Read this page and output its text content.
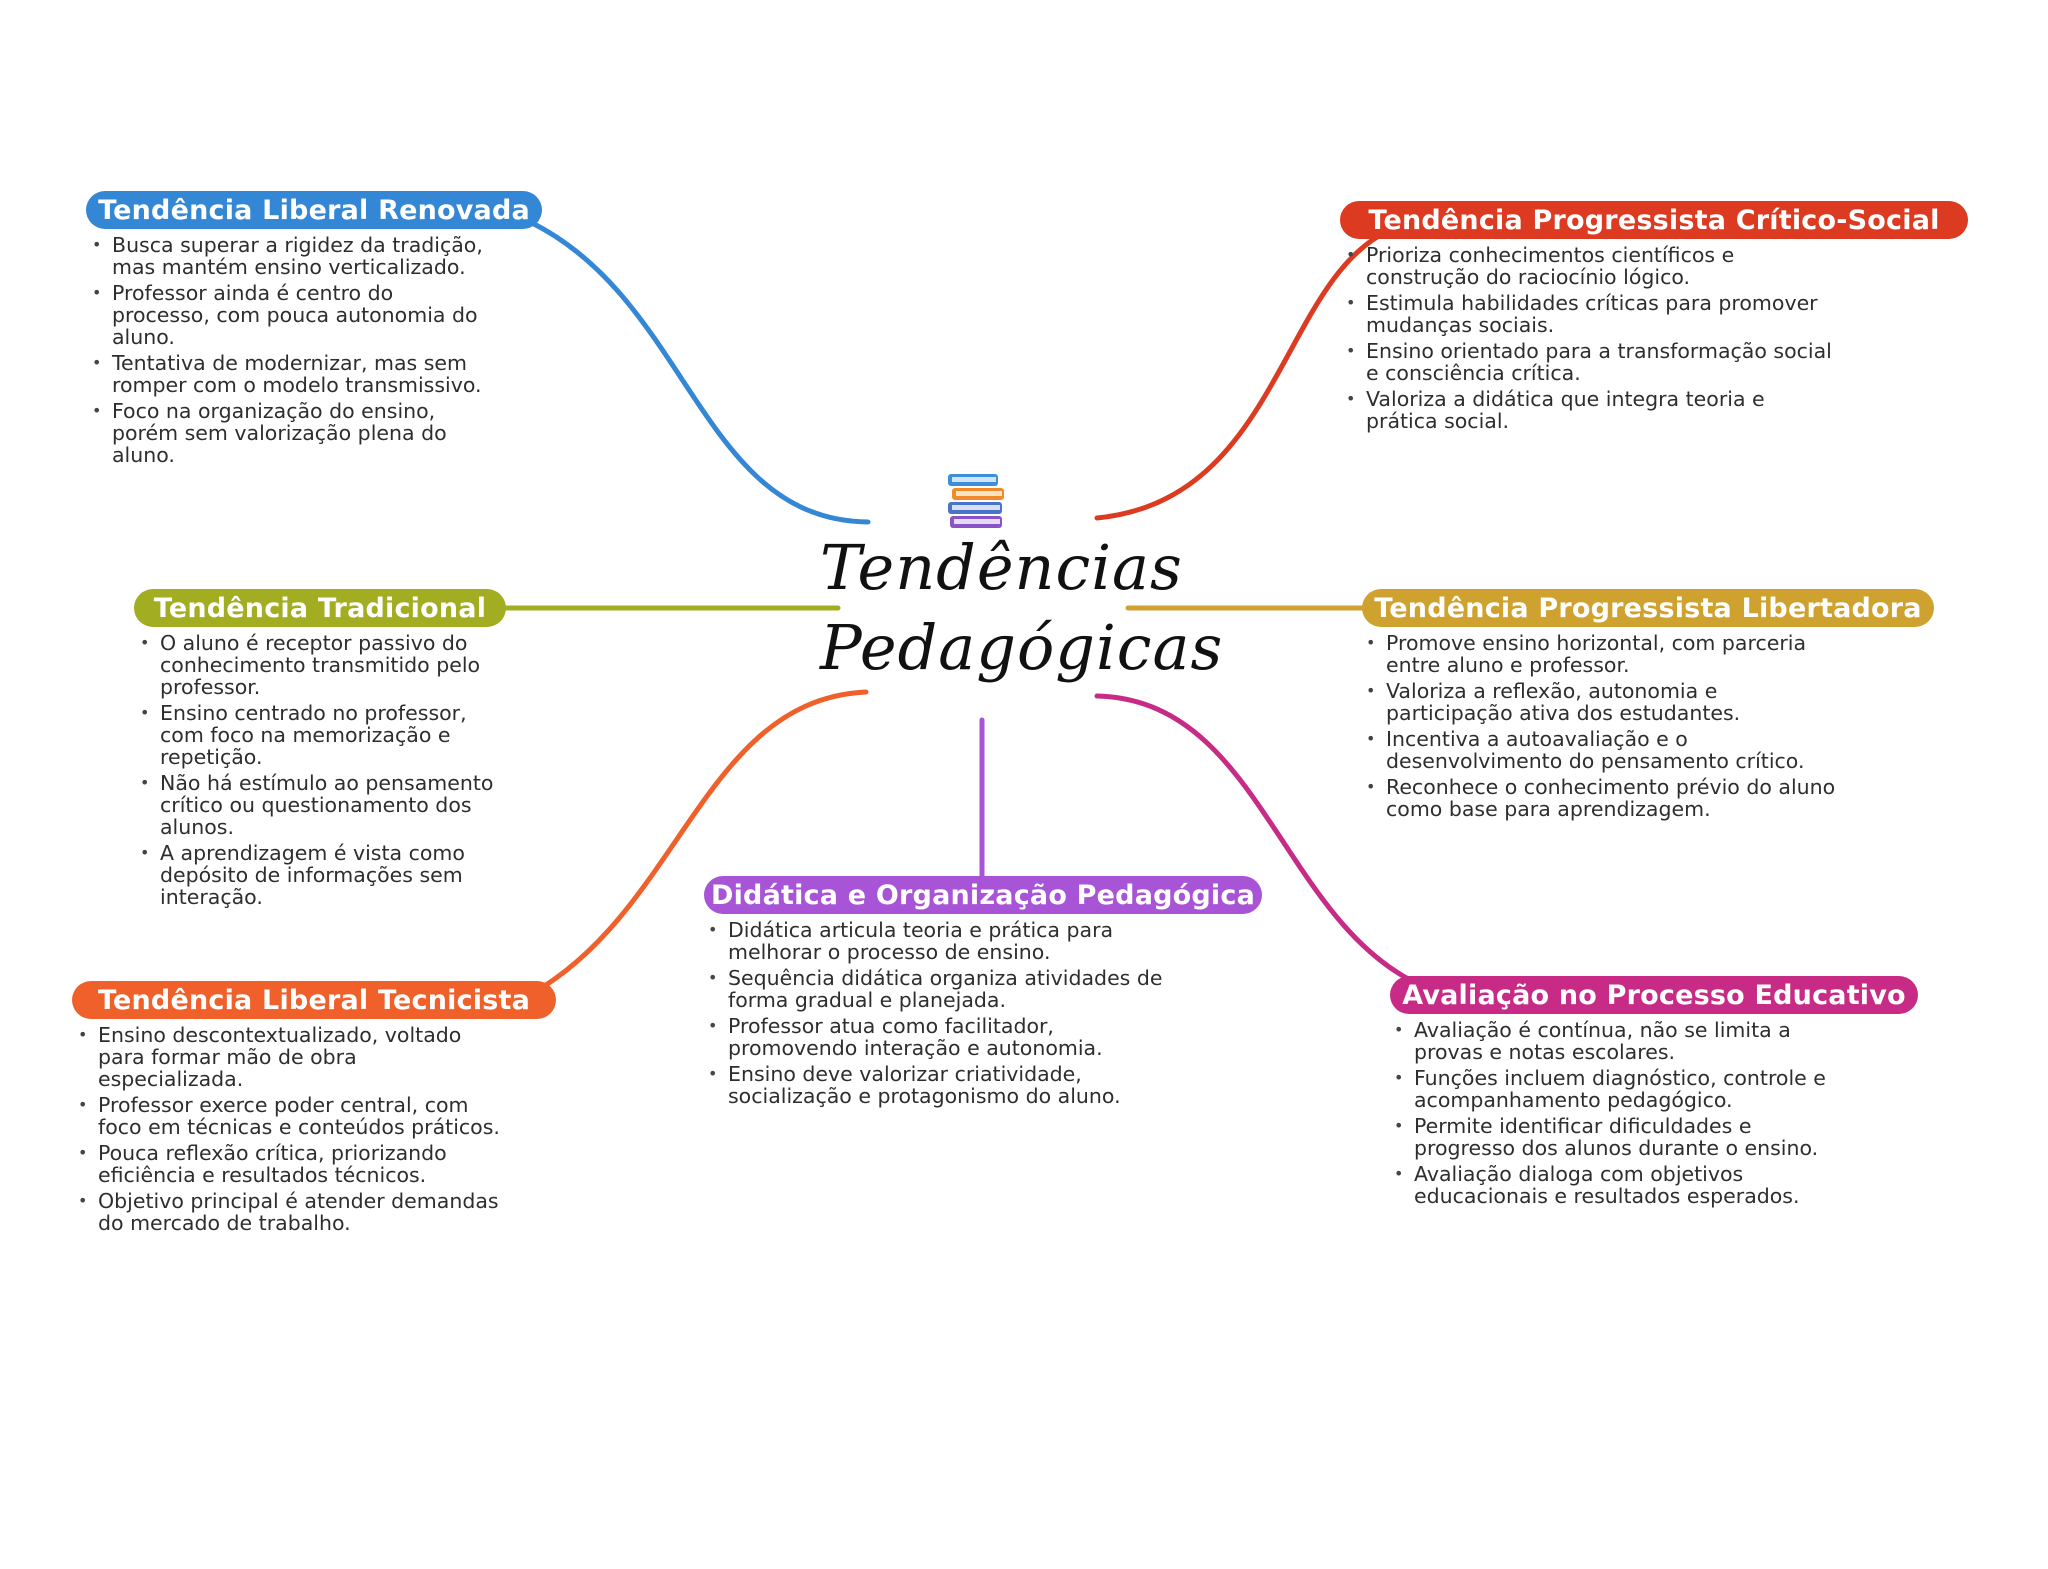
Tendências
Pedagógicas
Tendência Liberal Renovada
• Busca superar a rigidez da tradição, mas mantém ensino verticalizado.
• Professor ainda é centro do processo, com pouca autonomia do aluno.
• Tentativa de modernizar, mas sem romper com o modelo transmissivo.
• Foco na organização do ensino, porém sem valorização plena do aluno.
Tendência Progressista Crítico-Social
• Prioriza conhecimentos científicos e construção do raciocínio lógico.
• Estimula habilidades críticas para promover mudanças sociais.
• Ensino orientado para a transformação social e consciência crítica.
• Valoriza a didática que integra teoria e prática social.
Tendência Tradicional
• O aluno é receptor passivo do conhecimento transmitido pelo professor.
• Ensino centrado no professor, com foco na memorização e repetição.
• Não há estímulo ao pensamento crítico ou questionamento dos alunos.
• A aprendizagem é vista como depósito de informações sem interação.
Tendência Progressista Libertadora
• Promove ensino horizontal, com parceria entre aluno e professor.
• Valoriza a reflexão, autonomia e participação ativa dos estudantes.
• Incentiva a autoavaliação e o desenvolvimento do pensamento crítico.
• Reconhece o conhecimento prévio do aluno como base para aprendizagem.
Tendência Liberal Tecnicista
• Ensino descontextualizado, voltado para formar mão de obra especializada.
• Professor exerce poder central, com foco em técnicas e conteúdos práticos.
• Pouca reflexão crítica, priorizando eficiência e resultados técnicos.
• Objetivo principal é atender demandas do mercado de trabalho.
Didática e Organização Pedagógica
• Didática articula teoria e prática para melhorar o processo de ensino.
• Sequência didática organiza atividades de forma gradual e planejada.
• Professor atua como facilitador, promovendo interação e autonomia.
• Ensino deve valorizar criatividade, socialização e protagonismo do aluno.
Avaliação no Processo Educativo
• Avaliação é contínua, não se limita a provas e notas escolares.
• Funções incluem diagnóstico, controle e acompanhamento pedagógico.
• Permite identificar dificuldades e progresso dos alunos durante o ensino.
• Avaliação dialoga com objetivos educacionais e resultados esperados.
